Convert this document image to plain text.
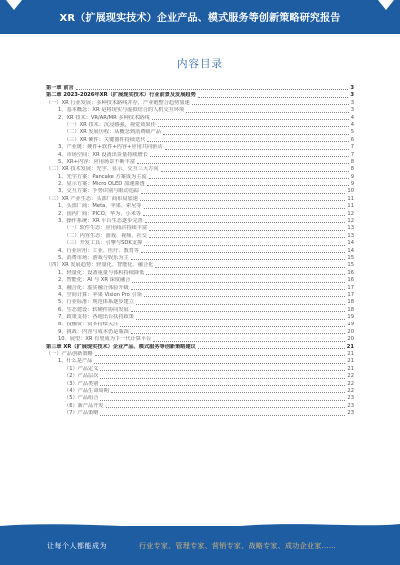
XR（扩展现实技术）企业产品、模式服务等创新策略研究报告
内容目录
第一章 前言	3
第二章 2023-2026年XR（扩展现实技术）行业前景及发展趋势	3
（一）XR 行业发展：多种技术路线并存，产业链整合趋势加速	3
1、基本概念：XR 是将现实与虚拟结合的人机交互环境	3
2、XR 技术：VR/AR/MR 多种技术路线	4
（一）XR 技术：沉浸感强，视觉效果佳	4
（二）XR 发展历程：从概念到消费级产品	5
（三）XR 硬件：关键器件持续迭代	6
3、产业链：硬件+软件+内容+应用共同驱动	7
4、市场空间：XR 设备出货量持续增长	7
5、XR+内容：应用场景不断丰富	8
（二）XR 技术发展：光学、显示、交互三大方向	8
1、光学方案：Pancake 方案成为主流	9
2、显示方案：Micro OLED 加速渗透	9
3、交互方案：手势识别与眼动追踪	10
（三）XR 产业生态：头部厂商布局加速	11
1、头部厂商：Meta、苹果、索尼等	11
2、国内厂商：PICO、华为、小米等	12
3、操作系统：XR 平台生态逐步完善	12
（一）软件生态：应用商店持续丰富	13
（二）内容生态：游戏、视频、社交	13
（三）开发工具：引擎与SDK支撑	14
4、行业应用：工业、医疗、教育等	14
5、消费市场：游戏与娱乐为主	15
（四）XR 发展趋势：轻量化、智能化、融合化	15
1、轻量化：设备重量与体积持续降低	16
2、智能化：AI 与 XR 深度融合	16
3、融合化：虚实融合体验升级	17
4、空间计算：苹果 Vision Pro 引领	17
5、行业标准：规范体系逐步建立	18
6、生态建设：软硬件协同发展	18
7、政策支持：各地出台扶持政策	19
8、投融资：资本持续关注	19
9、挑战：内容与成本仍是瓶颈	20
10、展望：XR 有望成为下一代计算平台	20
第三章 XR（扩展现实技术）企业产品、模式服务等创新策略建议	21
（一）产品创新策略	21
1、什么是产品	21
（1）产品定义	21
（2）产品层次	22
（3）产品类别	22
（4）产品生命周期	22
（5）产品组合	23
（6）新产品开发	23
（7）产品策略	23
让每个人都能成为	行业专家、管理专家、营销专家、战略专家、成功企业家……
